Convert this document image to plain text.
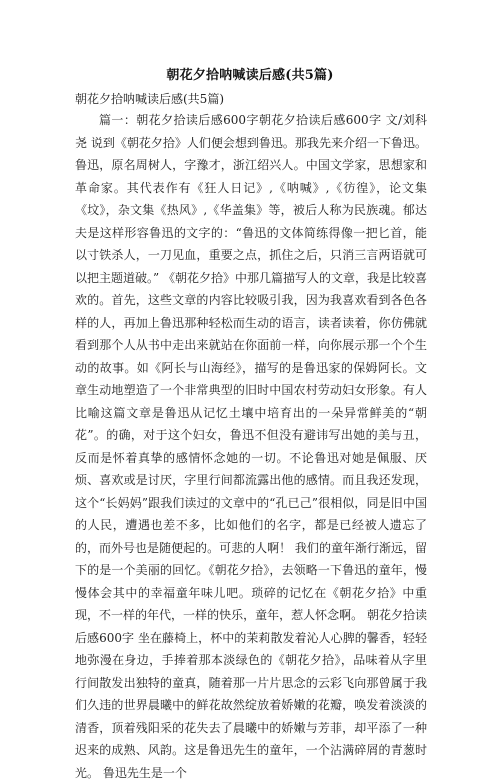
朝花夕拾呐喊读后感(共5篇)
朝花夕拾呐喊读后感(共5篇)

篇一：朝花夕拾读后感600字朝花夕拾读后感600字 文/刘科尧 说到《朝花夕拾》人们便会想到鲁迅。那我先来介绍一下鲁迅。鲁迅，原名周树人，字豫才，浙江绍兴人。中国文学家，思想家和革命家。其代表作有《狂人日记》,《呐喊》,《彷徨》，论文集《坟》，杂文集《热风》,《华盖集》等，被后人称为民族魂。郁达夫是这样形容鲁迅的文字的：“鲁迅的文体简练得像一把匕首，能以寸铁杀人，一刀见血，重要之点，抓住之后，只消三言两语就可以把主题道破。” 《朝花夕拾》中那几篇描写人的文章，我是比较喜欢的。首先，这些文章的内容比较吸引我，因为我喜欢看到各色各样的人，再加上鲁迅那种轻松而生动的语言，读者读着，你仿佛就看到那个人从书中走出来就站在你面前一样，向你展示那一个个生动的故事。如《阿长与山海经》，描写的是鲁迅家的保姆阿长。文章生动地塑造了一个非常典型的旧时中国农村劳动妇女形象。有人比喻这篇文章是鲁迅从记忆土壤中培育出的一朵异常鲜美的“朝花”。的确，对于这个妇女，鲁迅不但没有避讳写出她的美与丑，反而是怀着真挚的感情怀念她的一切。不论鲁迅对她是佩服、厌烦、喜欢或是讨厌，字里行间都流露出他的感情。而且我还发现，这个“长妈妈”跟我们读过的文章中的“孔已己”很相似，同是旧中国的人民，遭遇也差不多，比如他们的名字，都是已经被人遗忘了的，而外号也是随便起的。可悲的人啊！ 我们的童年渐行渐远，留下的是一个美丽的回忆。《朝花夕拾》，去领略一下鲁迅的童年，慢慢体会其中的幸福童年味儿吧。琐碎的记忆在《朝花夕拾》中重现，不一样的年代，一样的快乐，童年，惹人怀念啊。 朝花夕拾读后感600字 坐在藤椅上，杯中的茉莉散发着沁人心脾的馨香，轻轻地弥漫在身边，手捧着那本淡绿色的《朝花夕拾》，品味着从字里行间散发出独特的童真，随着那一片片思念的云彩飞向那曾属于我们久违的世界晨曦中的鲜花故然绽放着娇嫩的花瓣，唤发着淡淡的清香，顶着残阳采的花失去了晨曦中的娇嫩与芳菲，却平添了一种迟来的成熟、风韵。这是鲁迅先生的童年，一个沾满碎屑的青葱时光。 鲁迅先生是一个
